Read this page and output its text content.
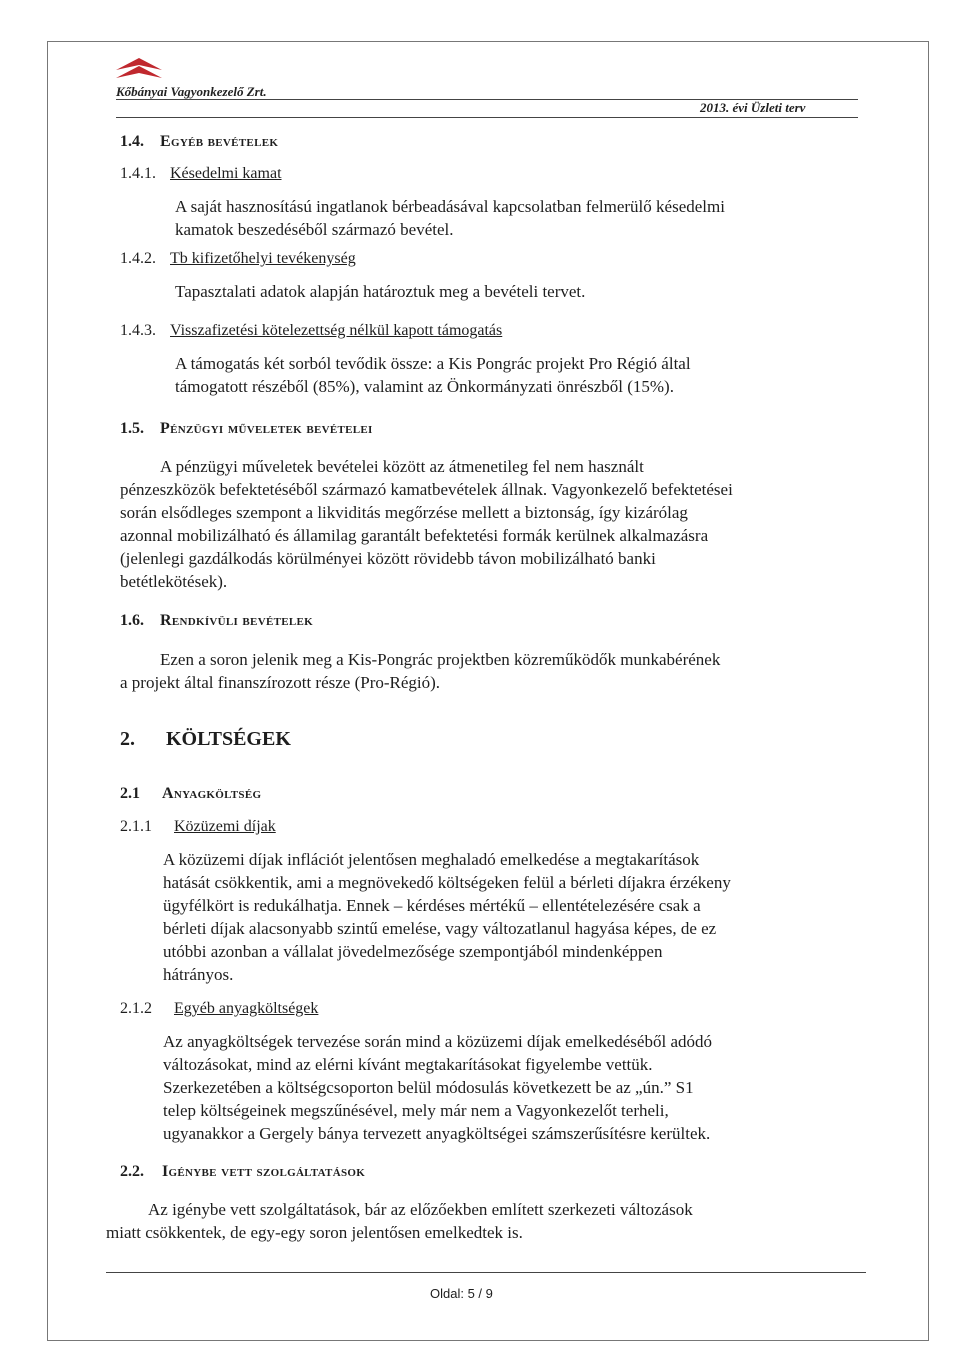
Kőbányai Vagyonkezelő Zrt.
2013. évi Üzleti terv
1.4. Egyéb bevételek
1.4.1. Késedelmi kamat
A saját hasznosítású ingatlanok bérbeadásával kapcsolatban felmerülő késedelmi
kamatok beszedéséből származó bevétel.
1.4.2. Tb kifizetőhelyi tevékenység
Tapasztalati adatok alapján határoztuk meg a bevételi tervet.
1.4.3. Visszafizetési kötelezettség nélkül kapott támogatás
A támogatás két sorból tevődik össze: a Kis Pongrác projekt Pro Régió által
támogatott részéből (85%), valamint az Önkormányzati önrészből (15%).
1.5. Pénzügyi műveletek bevételei
A pénzügyi műveletek bevételei között az átmenetileg fel nem használt
pénzeszközök befektetéséből származó kamatbevételek állnak. Vagyonkezelő befektetései
során elsődleges szempont a likviditás megőrzése mellett a biztonság, így kizárólag
azonnal mobilizálható és államilag garantált befektetési formák kerülnek alkalmazásra
(jelenlegi gazdálkodás körülményei között rövidebb távon mobilizálható banki
betétlekötések).
1.6. Rendkívüli bevételek
Ezen a soron jelenik meg a Kis-Pongrác projektben közreműködők munkabérének
a projekt által finanszírozott része (Pro-Régió).
2. KÖLTSÉGEK
2.1 Anyagköltség
2.1.1 Közüzemi díjak
A közüzemi díjak inflációt jelentősen meghaladó emelkedése a megtakarítások
hatását csökkentik, ami a megnövekedő költségeken felül a bérleti díjakra érzékeny
ügyfélkört is redukálhatja. Ennek – kérdéses mértékű – ellentételezésére csak a
bérleti díjak alacsonyabb szintű emelése, vagy változatlanul hagyása képes, de ez
utóbbi azonban a vállalat jövedelmezősége szempontjából mindenképpen
hátrányos.
2.1.2 Egyéb anyagköltségek
Az anyagköltségek tervezése során mind a közüzemi díjak emelkedéséből adódó
változásokat, mind az elérni kívánt megtakarításokat figyelembe vettük.
Szerkezetében a költségcsoporton belül módosulás következett be az „ún.” S1
telep költségeinek megszűnésével, mely már nem a Vagyonkezelőt terheli,
ugyanakkor a Gergely bánya tervezett anyagköltségei számszerűsítésre kerültek.
2.2. Igénybe vett szolgáltatások
Az igénybe vett szolgáltatások, bár az előzőekben említett szerkezeti változások
miatt csökkentek, de egy-egy soron jelentősen emelkedtek is.
Oldal: 5 / 9
